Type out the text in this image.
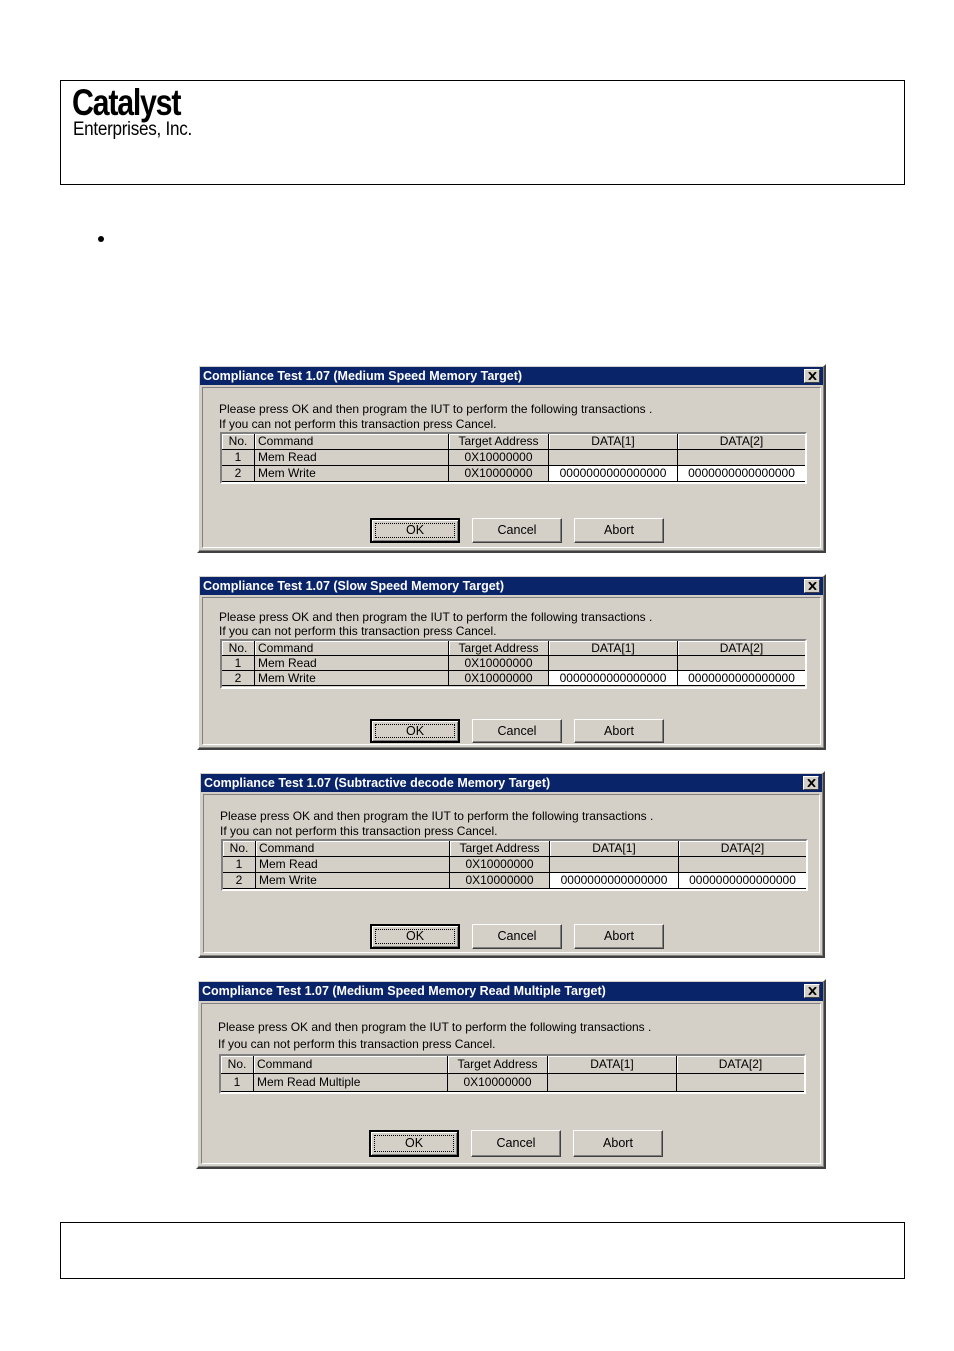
Catalyst
Enterprises, Inc.
Compliance Test 1.07 (Medium Speed Memory Target)
Please press OK and then program the IUT to perform the following transactions .
If you can not perform this transaction press Cancel.
No. Command	Target Address	DATA[1]	DATA[2]
1	Mem Read	0X10000000
2	Mem Write	0X10000000	0000000000000000	0000000000000000
OK	Cancel	Abort
Compliance Test 1.07 (Slow Speed Memory Target)
Please press OK and then program the IUT to perform the following transactions .
If you can not perform this transaction press Cancel.
No. Command	Target Address	DATA[1]	DATA[2]
1	Mem Read	0X10000000
2	Mem Write	0X10000000	0000000000000000	0000000000000000
OK	Cancel	Abort
Compliance Test 1.07 (Subtractive decode Memory Target)
Please press OK and then program the IUT to perform the following transactions .
If you can not perform this transaction press Cancel.
No. Command	Target Address	DATA[1]	DATA[2]
1	Mem Read	0X10000000
2	Mem Write	0X10000000	0000000000000000	0000000000000000
OK	Cancel	Abort
Compliance Test 1.07 (Medium Speed Memory Read Multiple Target)
Please press OK and then program the IUT to perform the following transactions .
If you can not perform this transaction press Cancel.
No. Command	Target Address	DATA[1]	DATA[2]
1	Mem Read Multiple	0X10000000
OK	Cancel	Abort
